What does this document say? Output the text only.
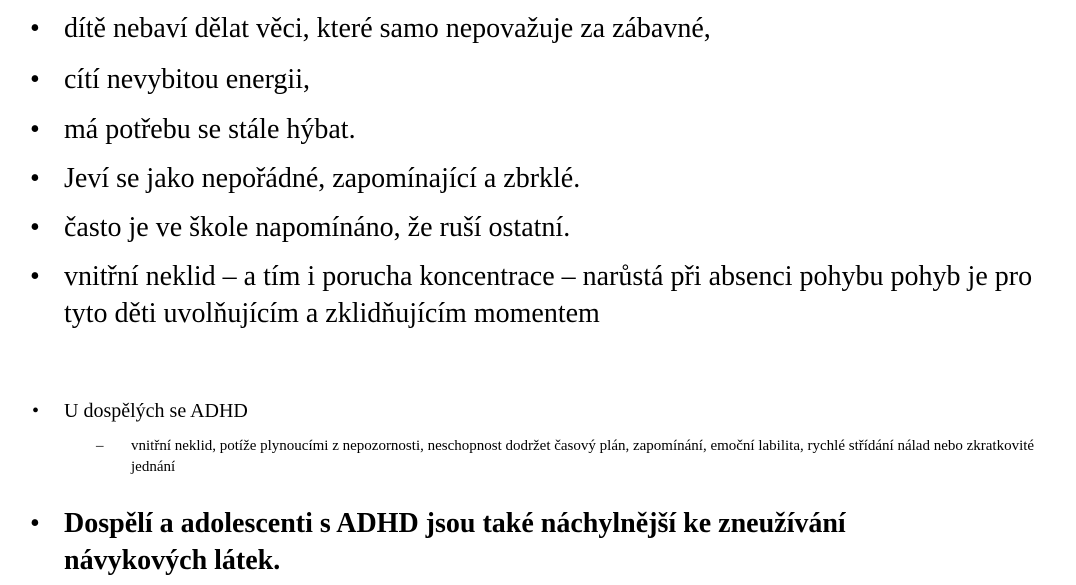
• dítě nebaví dělat věci, které samo nepovažuje za zábavné,
• cítí nevybitou energii,
• má potřebu se stále hýbat.
• Jeví se jako nepořádné, zapomínající a zbrklé.
• často je ve škole napomínáno, že ruší ostatní.
• vnitřní neklid – a tím i porucha koncentrace – narůstá při absenci pohybu pohyb je pro tyto děti uvolňujícím a zklidňujícím momentem
• U dospělých se ADHD
– vnitřní neklid, potíže plynoucími z nepozornosti, neschopnost dodržet časový plán, zapomínání, emoční labilita, rychlé střídání nálad nebo zkratkovité jednání
• Dospělí a adolescenti s ADHD jsou také náchylnější ke zneužívání návykových látek.
